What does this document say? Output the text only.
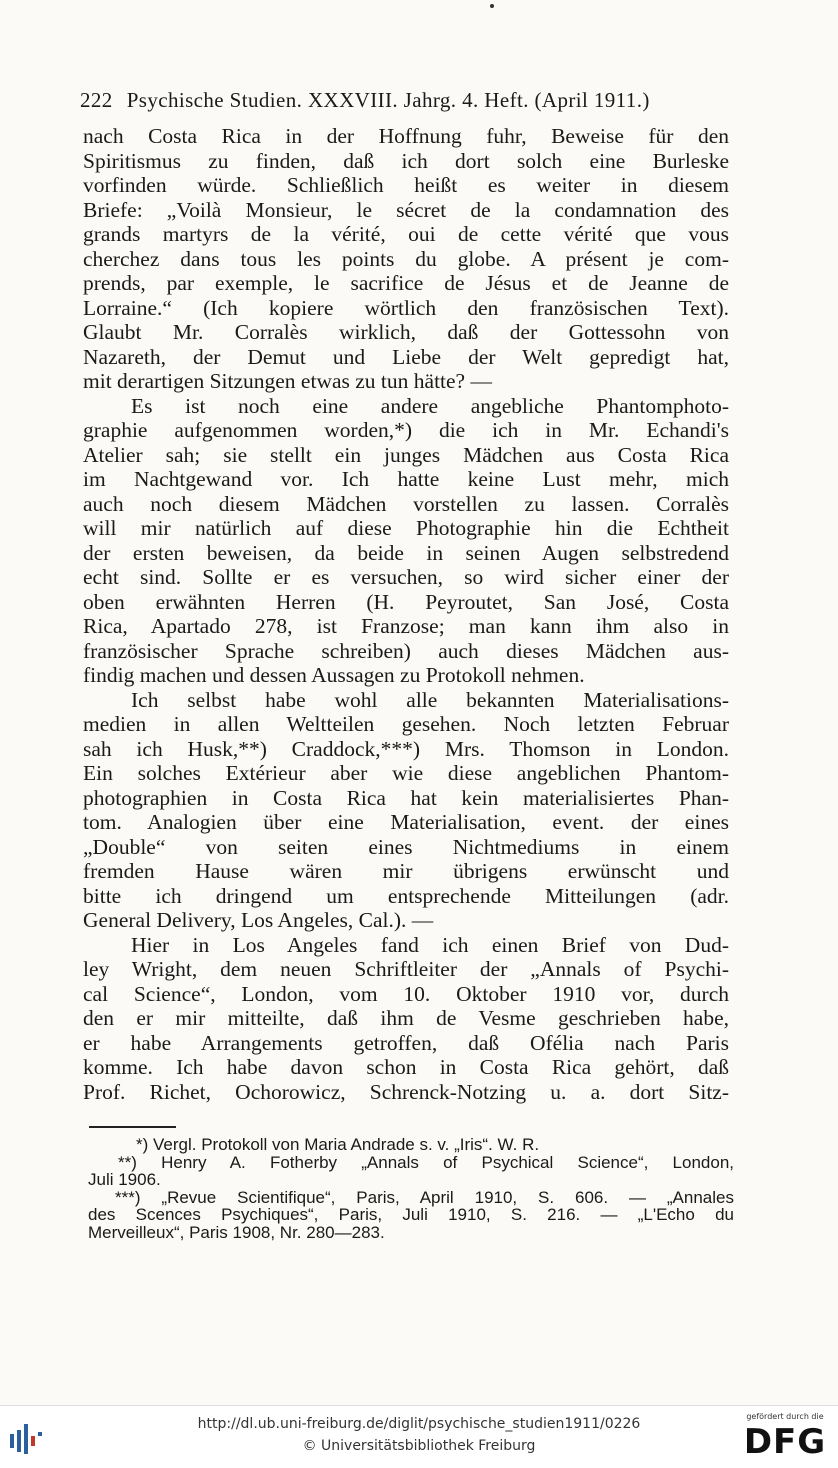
222 Psychische Studien. XXXVIII. Jahrg. 4. Heft. (April 1911.)
nach Costa Rica in der Hoffnung fuhr, Beweise für den
Spiritismus zu finden, daß ich dort solch eine Burleske
vorfinden würde. Schließlich heißt es weiter in diesem
Briefe: „Voilà Monsieur, le sécret de la condamnation des
grands martyrs de la vérité, oui de cette vérité que vous
cherchez dans tous les points du globe. A présent je com-
prends, par exemple, le sacrifice de Jésus et de Jeanne de
Lorraine.“ (Ich kopiere wörtlich den französischen Text).
Glaubt Mr. Corralès wirklich, daß der Gottessohn von
Nazareth, der Demut und Liebe der Welt gepredigt hat,
mit derartigen Sitzungen etwas zu tun hätte? —
Es ist noch eine andere angebliche Phantomphoto-
graphie aufgenommen worden,*) die ich in Mr. Echandi's
Atelier sah; sie stellt ein junges Mädchen aus Costa Rica
im Nachtgewand vor. Ich hatte keine Lust mehr, mich
auch noch diesem Mädchen vorstellen zu lassen. Corralès
will mir natürlich auf diese Photographie hin die Echtheit
der ersten beweisen, da beide in seinen Augen selbstredend
echt sind. Sollte er es versuchen, so wird sicher einer der
oben erwähnten Herren (H. Peyroutet, San José, Costa
Rica, Apartado 278, ist Franzose; man kann ihm also in
französischer Sprache schreiben) auch dieses Mädchen aus-
findig machen und dessen Aussagen zu Protokoll nehmen.
Ich selbst habe wohl alle bekannten Materialisations-
medien in allen Weltteilen gesehen. Noch letzten Februar
sah ich Husk,**) Craddock,***) Mrs. Thomson in London.
Ein solches Extérieur aber wie diese angeblichen Phantom-
photographien in Costa Rica hat kein materialisiertes Phan-
tom. Analogien über eine Materialisation, event. der eines
„Double“ von seiten eines Nichtmediums in einem
fremden Hause wären mir übrigens erwünscht und
bitte ich dringend um entsprechende Mitteilungen (adr.
General Delivery, Los Angeles, Cal.). —
Hier in Los Angeles fand ich einen Brief von Dud-
ley Wright, dem neuen Schriftleiter der „Annals of Psychi-
cal Science“, London, vom 10. Oktober 1910 vor, durch
den er mir mitteilte, daß ihm de Vesme geschrieben habe,
er habe Arrangements getroffen, daß Ofélia nach Paris
komme. Ich habe davon schon in Costa Rica gehört, daß
Prof. Richet, Ochorowicz, Schrenck-Notzing u. a. dort Sitz-
*) Vergl. Protokoll von Maria Andrade s. v. „Iris“. W. R.
**) Henry A. Fotherby „Annals of Psychical Science“, London,
Juli 1906.
***) „Revue Scientifique“, Paris, April 1910, S. 606. — „Annales
des Scences Psychiques“, Paris, Juli 1910, S. 216. — „L'Echo du
Merveilleux“, Paris 1908, Nr. 280—283.
http://dl.ub.uni-freiburg.de/diglit/psychische_studien1911/0226
© Universitätsbibliothek Freiburg
gefördert durch die
DFG
